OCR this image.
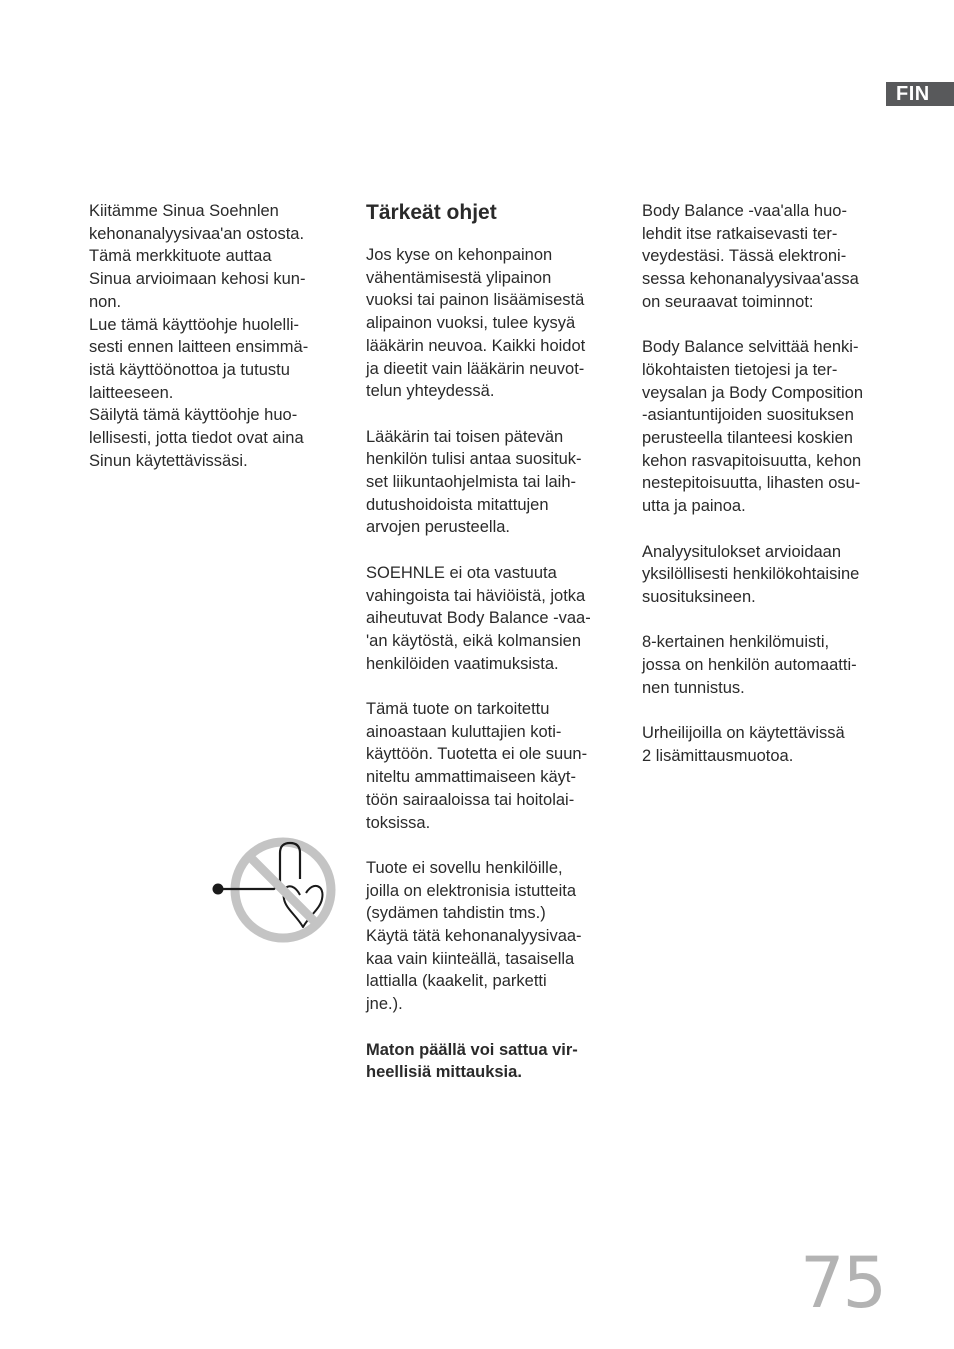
FIN

Kiitämme Sinua Soehnlen
kehonanalyysivaa'an ostosta.
Tämä merkkituote auttaa
Sinua arvioimaan kehosi kun-
non.
Lue tämä käyttöohje huolelli-
sesti ennen laitteen ensimmä-
istä käyttöönottoa ja tutustu
laitteeseen.
Säilytä tämä käyttöohje huo-
lellisesti, jotta tiedot ovat aina
Sinun käytettävissäsi.

Tärkeät ohjet

Jos kyse on kehonpainon
vähentämisestä ylipainon
vuoksi tai painon lisäämisestä
alipainon vuoksi, tulee kysyä
lääkärin neuvoa. Kaikki hoidot
ja dieetit vain lääkärin neuvot-
telun yhteydessä.

Lääkärin tai toisen pätevän
henkilön tulisi antaa suosituk-
set liikuntaohjelmista tai laih-
dutushoidoista mitattujen
arvojen perusteella.

SOEHNLE ei ota vastuuta
vahingoista tai häviöistä, jotka
aiheutuvat Body Balance -vaa-
'an käytöstä, eikä kolmansien
henkilöiden vaatimuksista.

Tämä tuote on tarkoitettu
ainoastaan kuluttajien koti-
käyttöön. Tuotetta ei ole suun-
niteltu ammattimaiseen käyt-
töön sairaaloissa tai hoitolai-
toksissa.

Tuote ei sovellu henkilöille,
joilla on elektronisia istutteita
(sydämen tahdistin tms.)
Käytä tätä kehonanalyysivaa-
kaa vain kiinteällä, tasaisella
lattialla (kaakelit, parketti
jne.).

Maton päällä voi sattua vir-
heellisiä mittauksia.

Body Balance -vaa'alla huo-
lehdit itse ratkaisevasti ter-
veydestäsi. Tässä elektroni-
sessa kehonanalyysivaa'assa
on seuraavat toiminnot:

Body Balance selvittää henki-
lökohtaisten tietojesi ja ter-
veysalan ja Body Composition
-asiantuntijoiden suosituksen
perusteella tilanteesi koskien
kehon rasvapitoisuutta, kehon
nestepitoisuutta, lihasten osu-
utta ja painoa.

Analyysitulokset arvioidaan
yksilöllisesti henkilökohtaisine
suosituksineen.

8-kertainen henkilömuisti,
jossa on henkilön automaatti-
nen tunnistus.

Urheilijoilla on käytettävissä
2 lisämittausmuotoa.

75
